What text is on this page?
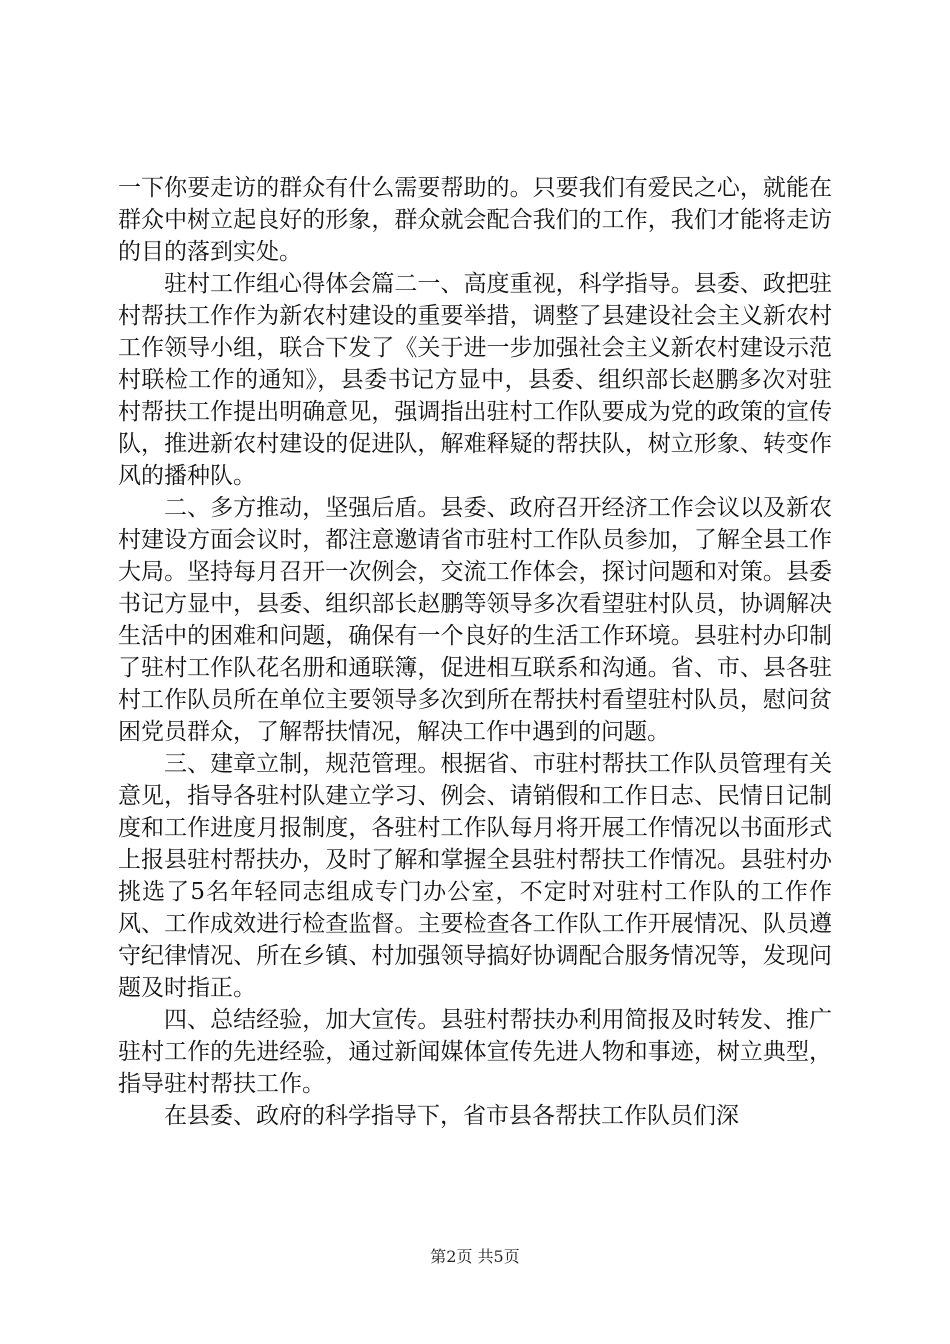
一下你要走访的群众有什么需要帮助的。只要我们有爱民之心，就能在群众中树立起良好的形象，群众就会配合我们的工作，我们才能将走访的目的落到实处。

驻村工作组心得体会篇二一、高度重视，科学指导。县委、政把驻村帮扶工作作为新农村建设的重要举措，调整了县建设社会主义新农村工作领导小组，联合下发了《关于进一步加强社会主义新农村建设示范村联检工作的通知》，县委书记方显中，县委、组织部长赵鹏多次对驻村帮扶工作提出明确意见，强调指出驻村工作队要成为党的政策的宣传队，推进新农村建设的促进队，解难释疑的帮扶队，树立形象、转变作风的播种队。

二、多方推动，坚强后盾。县委、政府召开经济工作会议以及新农村建设方面会议时，都注意邀请省市驻村工作队员参加，了解全县工作大局。坚持每月召开一次例会，交流工作体会，探讨问题和对策。县委书记方显中，县委、组织部长赵鹏等领导多次看望驻村队员，协调解决生活中的困难和问题，确保有一个良好的生活工作环境。县驻村办印制了驻村工作队花名册和通联簿，促进相互联系和沟通。省、市、县各驻村工作队员所在单位主要领导多次到所在帮扶村看望驻村队员，慰问贫困党员群众，了解帮扶情况，解决工作中遇到的问题。

三、建章立制，规范管理。根据省、市驻村帮扶工作队员管理有关意见，指导各驻村队建立学习、例会、请销假和工作日志、民情日记制度和工作进度月报制度，各驻村工作队每月将开展工作情况以书面形式上报县驻村帮扶办，及时了解和掌握全县驻村帮扶工作情况。县驻村办挑选了5名年轻同志组成专门办公室，不定时对驻村工作队的工作作风、工作成效进行检查监督。主要检查各工作队工作开展情况、队员遵守纪律情况、所在乡镇、村加强领导搞好协调配合服务情况等，发现问题及时指正。

四、总结经验，加大宣传。县驻村帮扶办利用简报及时转发、推广驻村工作的先进经验，通过新闻媒体宣传先进人物和事迹，树立典型，指导驻村帮扶工作。

在县委、政府的科学指导下，省市县各帮扶工作队员们深

第2页 共5页
